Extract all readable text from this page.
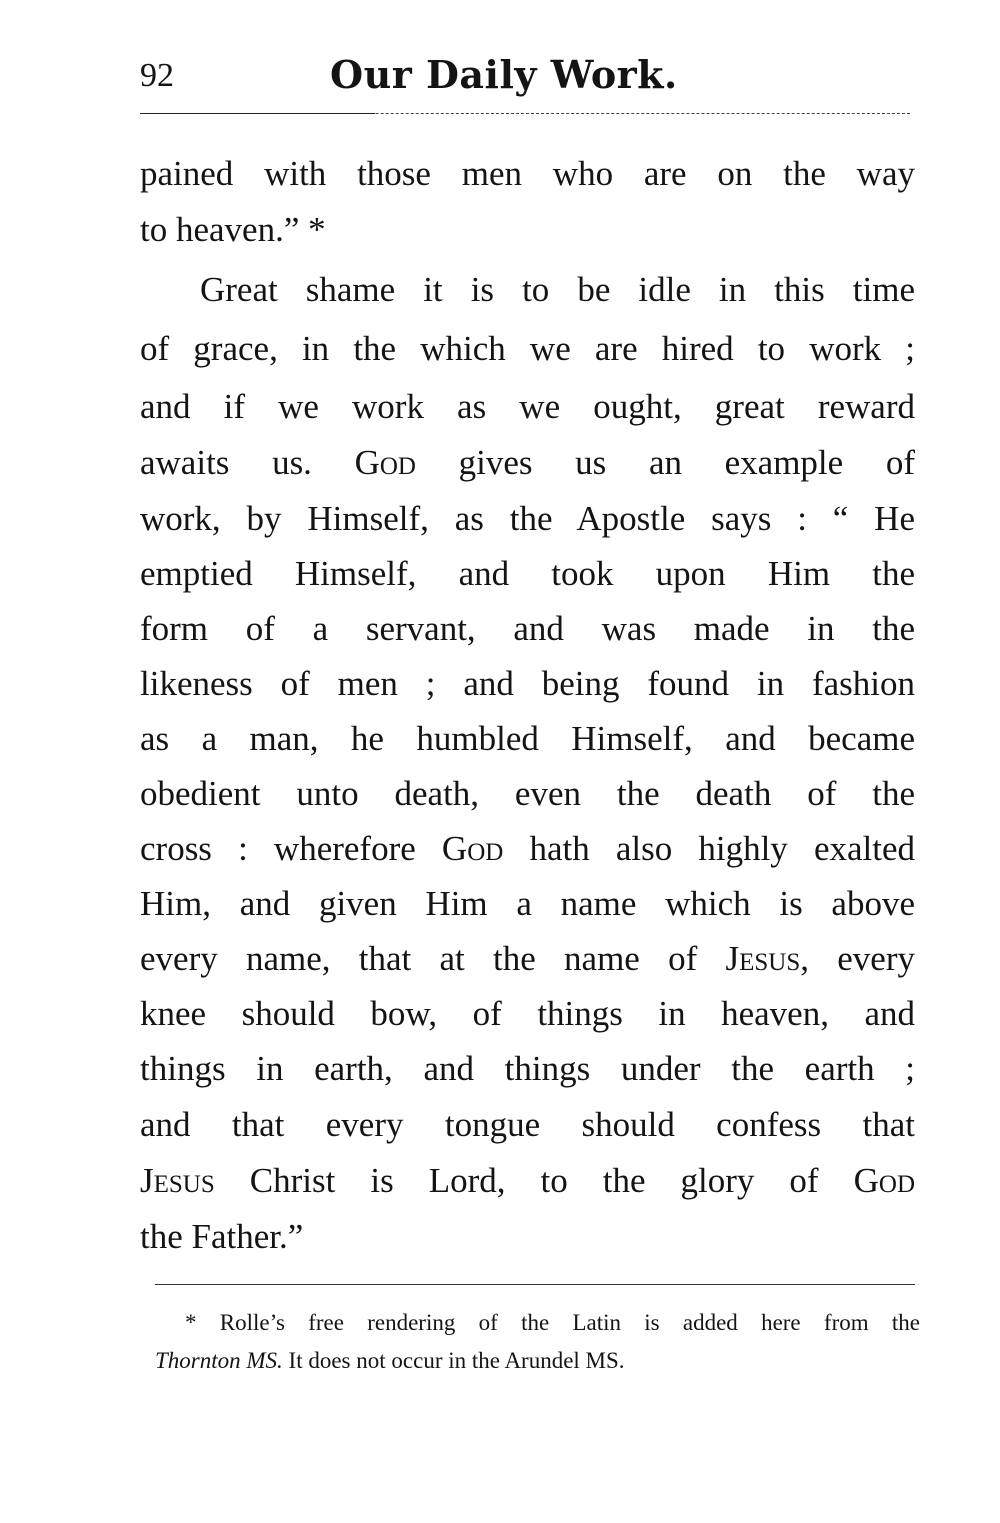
92	Our Daily Work.
pained with those men who are on the way
to heaven.” *
Great shame it is to be idle in this time
of grace, in the which we are hired to work ;
and if we work as we ought, great reward
awaits us. God gives us an example of
work, by Himself, as the Apostle says : “ He
emptied Himself, and took upon Him the
form of a servant, and was made in the
likeness of men ; and being found in fashion
as a man, he humbled Himself, and became
obedient unto death, even the death of the
cross : wherefore God hath also highly exalted
Him, and given Him a name which is above
every name, that at the name of Jesus, every
knee should bow, of things in heaven, and
things in earth, and things under the earth ;
and that every tongue should confess that
Jesus Christ is Lord, to the glory of God
the Father.”
* Rolle’s free rendering of the Latin is added here from the
Thornton MS. It does not occur in the Arundel MS.
